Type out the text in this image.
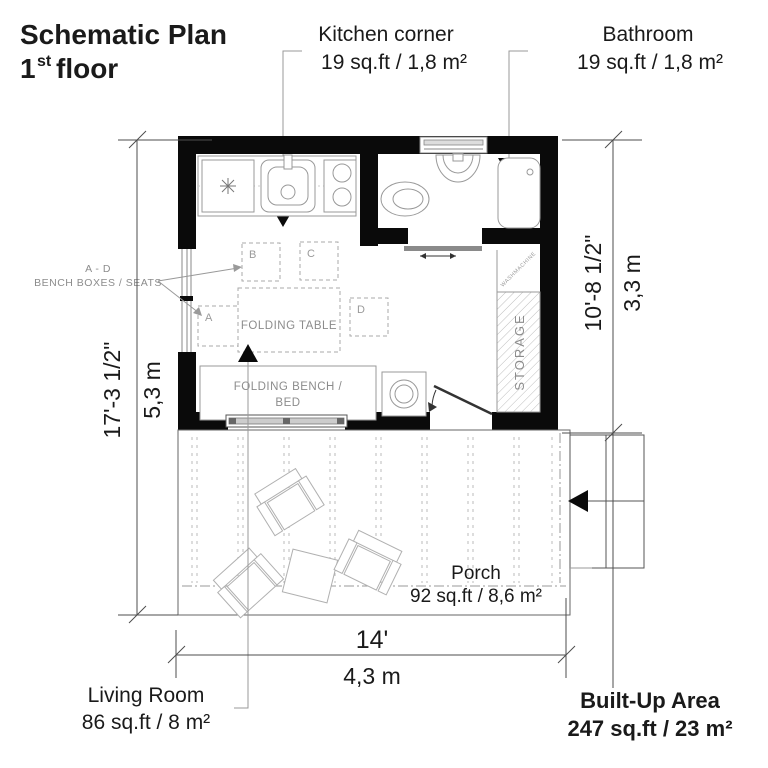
Schematic Plan
1 st floor
Kitchen corner
19 sq.ft / 1,8 m²
Bathroom
19 sq.ft / 1,8 m²
STORAGE
WASHMACHINE
A
B	C
D
FOLDING TABLE
FOLDING BENCH /
BED
Porch
92 sq.ft / 8,6 m²
Living Room
86 sq.ft / 8 m²
A - D
BENCH BOXES / SEATS
17'-3 1/2" 5,3 m
10'-8 1/2" 3,3 m
14'
4,3 m
Built-Up Area
247 sq.ft / 23 m²
